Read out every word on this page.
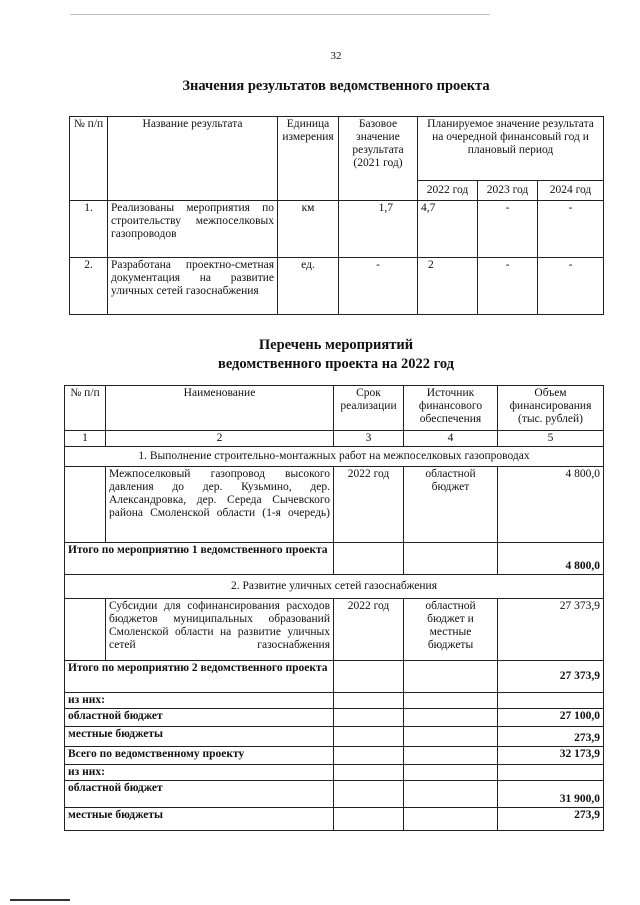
32
Значения результатов ведомственного проекта
№ п/п	Название результата	Единица измерения	Базовое значение результата (2021 год)	Планируемое значение результата на очередной финансовый год и плановый период		
				2022 год	2023 год	2024 год
1.	Реализованы мероприятия по строительству межпоселковых газопроводов	км	1,7	4,7	-	-
2.	Разработана проектно-сметная документация на развитие уличных сетей газоснабжения	ед.	-	2	-	-
Перечень мероприятий
ведомственного проекта на 2022 год
№ п/п	Наименование	Срок реализации	Источник финансового обеспечения	Объем финансирования (тыс. рублей)
1	2	3	4	5
1. Выполнение строительно-монтажных работ на межпоселковых газопроводах				
	Межпоселковый газопровод высокого давления до дер. Кузьмино, дер. Александровка, дер. Середа Сычевского района Смоленской области (1-я очередь)	2022 год	областной бюджет	4 800,0
Итого по мероприятию 1 ведомственного проекта				4 800,0
2. Развитие уличных сетей газоснабжения				
	Субсидии для софинансирования расходов бюджетов муниципальных образований Смоленской области на развитие уличных сетей газоснабжения	2022 год	областной бюджет и местные бюджеты	27 373,9
Итого по мероприятию 2 ведомственного проекта				27 373,9
из них:				
областной бюджет				27 100,0
местные бюджеты				273,9
Всего по ведомственному проекту				32 173,9
из них:				
областной бюджет				31 900,0
местные бюджеты				273,9
